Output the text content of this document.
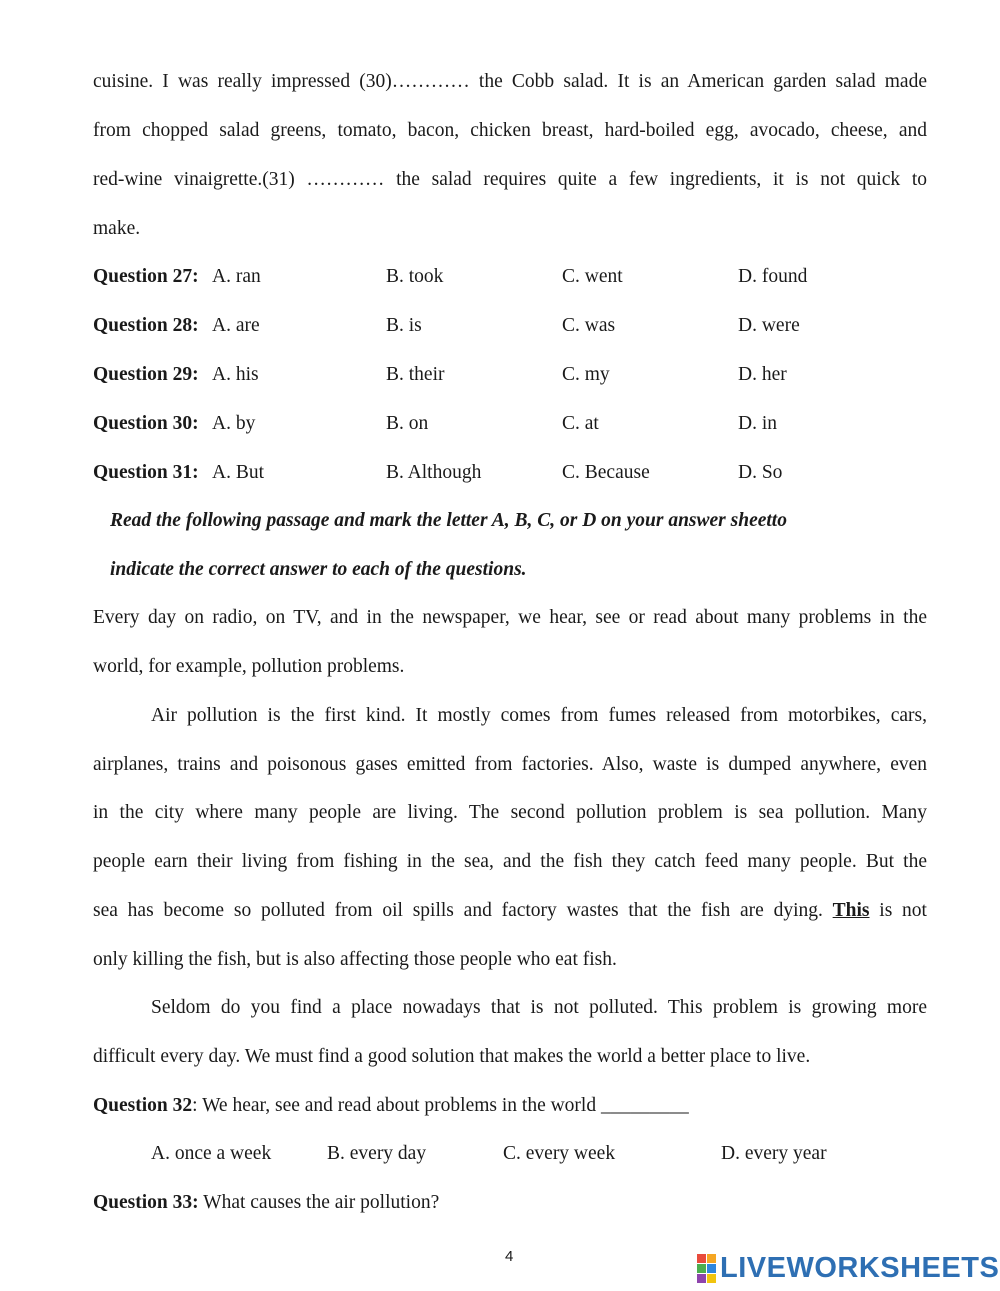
cuisine. I was really impressed (30)………… the Cobb salad. It is an American garden salad made
from chopped salad greens, tomato, bacon, chicken breast, hard-boiled egg, avocado, cheese, and
red-wine vinaigrette.(31) ………… the salad requires quite a few ingredients, it is not quick to
make.
Question 27: A. ran	B. took	C. went	D. found
Question 28: A. are	B. is	C. was	D. were
Question 29: A. his	B. their	C. my	D. her
Question 30: A. by	B. on	C. at	D. in
Question 31: A. But	B. Although	C. Because	D. So
Read the following passage and mark the letter A, B, C, or D on your answer sheetto
indicate the correct answer to each of the questions.
Every day on radio, on TV, and in the newspaper, we hear, see or read about many problems in the
world, for example, pollution problems.
Air pollution is the first kind. It mostly comes from fumes released from motorbikes, cars,
airplanes, trains and poisonous gases emitted from factories. Also, waste is dumped anywhere, even
in the city where many people are living. The second pollution problem is sea pollution. Many
people earn their living from fishing in the sea, and the fish they catch feed many people. But the
sea has become so polluted from oil spills and factory wastes that the fish are dying. This is not
only killing the fish, but is also affecting those people who eat fish.
Seldom do you find a place nowadays that is not polluted. This problem is growing more
difficult every day. We must find a good solution that makes the world a better place to live.
Question 32: We hear, see and read about problems in the world _________
A. once a week	B. every day	C. every week	D. every year
Question 33: What causes the air pollution?
4	LIVEWORKSHEETS
